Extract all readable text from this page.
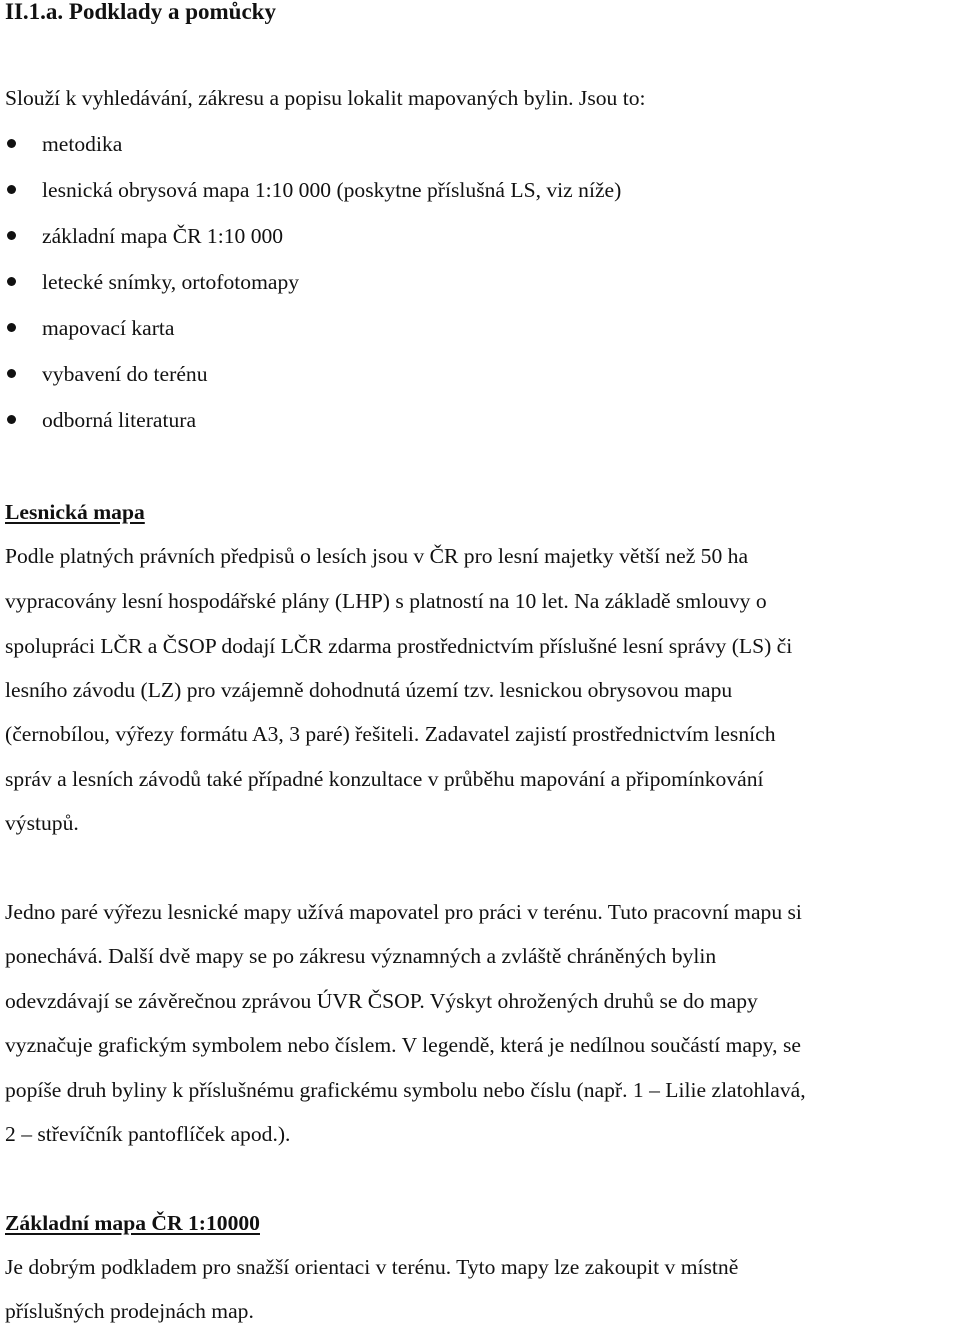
II.1.a. Podklady a pomůcky

Slouží k vyhledávání, zákresu a popisu lokalit mapovaných bylin. Jsou to:

metodika
lesnická obrysová mapa 1:10 000 (poskytne příslušná LS, viz níže)
základní mapa ČR 1:10 000
letecké snímky, ortofotomapy
mapovací karta
vybavení do terénu
odborná literatura
Lesnická mapa

Podle platných právních předpisů o lesích jsou v ČR pro lesní majetky větší než 50 ha

vypracovány lesní hospodářské plány (LHP) s platností na 10 let. Na základě smlouvy o

spolupráci LČR a ČSOP dodají LČR zdarma prostřednictvím příslušné lesní správy (LS) či

lesního závodu (LZ) pro vzájemně dohodnutá území tzv. lesnickou obrysovou mapu

(černobílou, výřezy formátu A3, 3 paré) řešiteli. Zadavatel zajistí prostřednictvím lesních

správ a lesních závodů také případné konzultace v průběhu mapování a připomínkování

výstupů.

Jedno paré výřezu lesnické mapy užívá mapovatel pro práci v terénu. Tuto pracovní mapu si

ponechává. Další dvě mapy se po zákresu významných a zvláště chráněných bylin

odevzdávají se závěrečnou zprávou ÚVR ČSOP. Výskyt ohrožených druhů se do mapy

vyznačuje grafickým symbolem nebo číslem. V legendě, která je nedílnou součástí mapy, se

popíše druh byliny k příslušnému grafickému symbolu nebo číslu (např. 1 – Lilie zlatohlavá,

2 – střevíčník pantoflíček apod.).

Základní mapa ČR 1:10000

Je dobrým podkladem pro snažší orientaci v terénu. Tyto mapy lze zakoupit v místně

příslušných prodejnách map.
